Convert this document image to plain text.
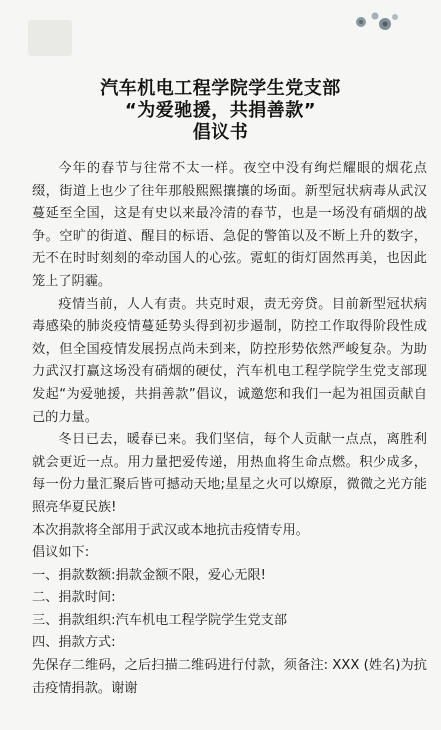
汽车机电工程学院学生党支部
“为爱驰援，共捐善款”
倡议书

今年的春节与往常不太一样。夜空中没有绚烂耀眼的烟花点缀，街道上也少了往年那般熙熙攘攘的场面。新型冠状病毒从武汉蔓延至全国，这是有史以来最冷清的春节，也是一场没有硝烟的战争。空旷的街道、醒目的标语、急促的警笛以及不断上升的数字，无不在时时刻刻的牵动国人的心弦。霓虹的街灯固然再美，也因此笼上了阴霾。

疫情当前，人人有责。共克时艰，责无旁贷。目前新型冠状病毒感染的肺炎疫情蔓延势头得到初步遏制，防控工作取得阶段性成效，但全国疫情发展拐点尚未到来，防控形势依然严峻复杂。为助力武汉打赢这场没有硝烟的硬仗，汽车机电工程学院学生党支部现发起“为爱驰援，共捐善款”倡议，诚邀您和我们一起为祖国贡献自己的力量。

冬日已去，暖春已来。我们坚信，每个人贡献一点点，离胜利就会更近一点。用力量把爱传递，用热血将生命点燃。积少成多，每一份力量汇聚后皆可撼动天地;星星之火可以燎原，微微之光方能照亮华夏民族!

本次捐款将全部用于武汉或本地抗击疫情专用。

倡议如下:

一、捐款数额:捐款金额不限，爱心无限!

二、捐款时间:

三、捐款组织:汽车机电工程学院学生党支部

四、捐款方式:

先保存二维码，之后扫描二维码进行付款，须备注: XXX (姓名)为抗击疫情捐款。谢谢
